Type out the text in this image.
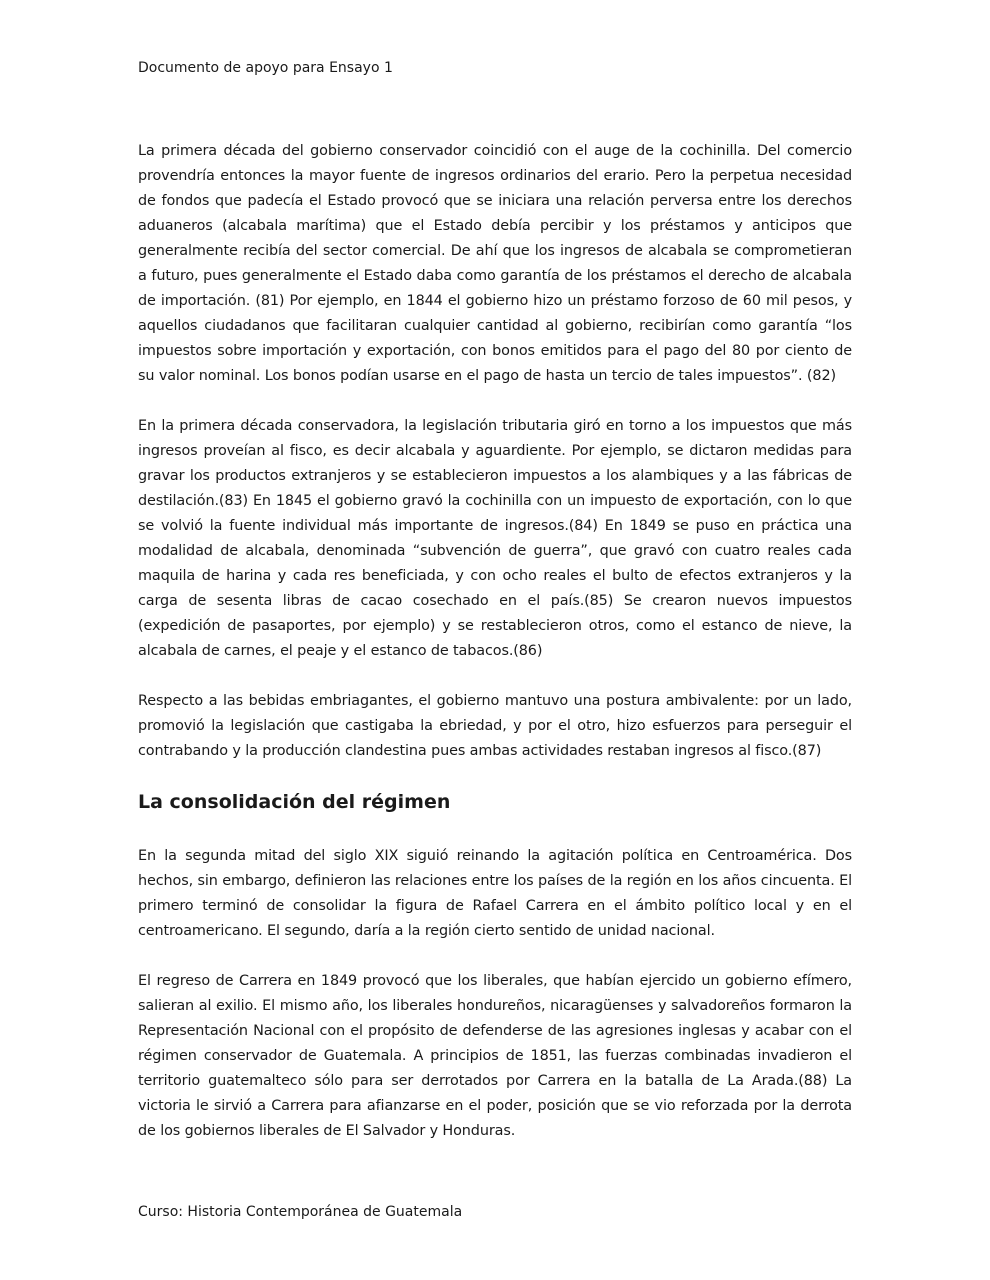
Documento de apoyo para Ensayo 1

La primera década del gobierno conservador coincidió con el auge de la cochinilla. Del comercio provendría entonces la mayor fuente de ingresos ordinarios del erario. Pero la perpetua necesidad de fondos que padecía el Estado provocó que se iniciara una relación perversa entre los derechos aduaneros (alcabala marítima) que el Estado debía percibir y los préstamos y anticipos que generalmente recibía del sector comercial. De ahí que los ingresos de alcabala se comprometieran a futuro, pues generalmente el Estado daba como garantía de los préstamos el derecho de alcabala de importación. (81) Por ejemplo, en 1844 el gobierno hizo un préstamo forzoso de 60 mil pesos, y aquellos ciudadanos que facilitaran cualquier cantidad al gobierno, recibirían como garantía “los impuestos sobre importación y exportación, con bonos emitidos para el pago del 80 por ciento de su valor nominal. Los bonos podían usarse en el pago de hasta un tercio de tales impuestos”. (82)

En la primera década conservadora, la legislación tributaria giró en torno a los impuestos que más ingresos proveían al fisco, es decir alcabala y aguardiente. Por ejemplo, se dictaron medidas para gravar los productos extranjeros y se establecieron impuestos a los alambiques y a las fábricas de destilación.(83) En 1845 el gobierno gravó la cochinilla con un impuesto de exportación, con lo que se volvió la fuente individual más importante de ingresos.(84) En 1849 se puso en práctica una modalidad de alcabala, denominada “subvención de guerra”, que gravó con cuatro reales cada maquila de harina y cada res beneficiada, y con ocho reales el bulto de efectos extranjeros y la carga de sesenta libras de cacao cosechado en el país.(85) Se crearon nuevos impuestos (expedición de pasaportes, por ejemplo) y se restablecieron otros, como el estanco de nieve, la alcabala de carnes, el peaje y el estanco de tabacos.(86)

Respecto a las bebidas embriagantes, el gobierno mantuvo una postura ambivalente: por un lado, promovió la legislación que castigaba la ebriedad, y por el otro, hizo esfuerzos para perseguir el contrabando y la producción clandestina pues ambas actividades restaban ingresos al fisco.(87)

La consolidación del régimen

En la segunda mitad del siglo XIX siguió reinando la agitación política en Centroamérica. Dos hechos, sin embargo, definieron las relaciones entre los países de la región en los años cincuenta. El primero terminó de consolidar la figura de Rafael Carrera en el ámbito político local y en el centroamericano. El segundo, daría a la región cierto sentido de unidad nacional.

El regreso de Carrera en 1849 provocó que los liberales, que habían ejercido un gobierno efímero, salieran al exilio. El mismo año, los liberales hondureños, nicaragüenses y salvadoreños formaron la Representación Nacional con el propósito de defenderse de las agresiones inglesas y acabar con el régimen conservador de Guatemala. A principios de 1851, las fuerzas combinadas invadieron el territorio guatemalteco sólo para ser derrotados por Carrera en la batalla de La Arada.(88) La victoria le sirvió a Carrera para afianzarse en el poder, posición que se vio reforzada por la derrota de los gobiernos liberales de El Salvador y Honduras.

Curso: Historia Contemporánea de Guatemala
